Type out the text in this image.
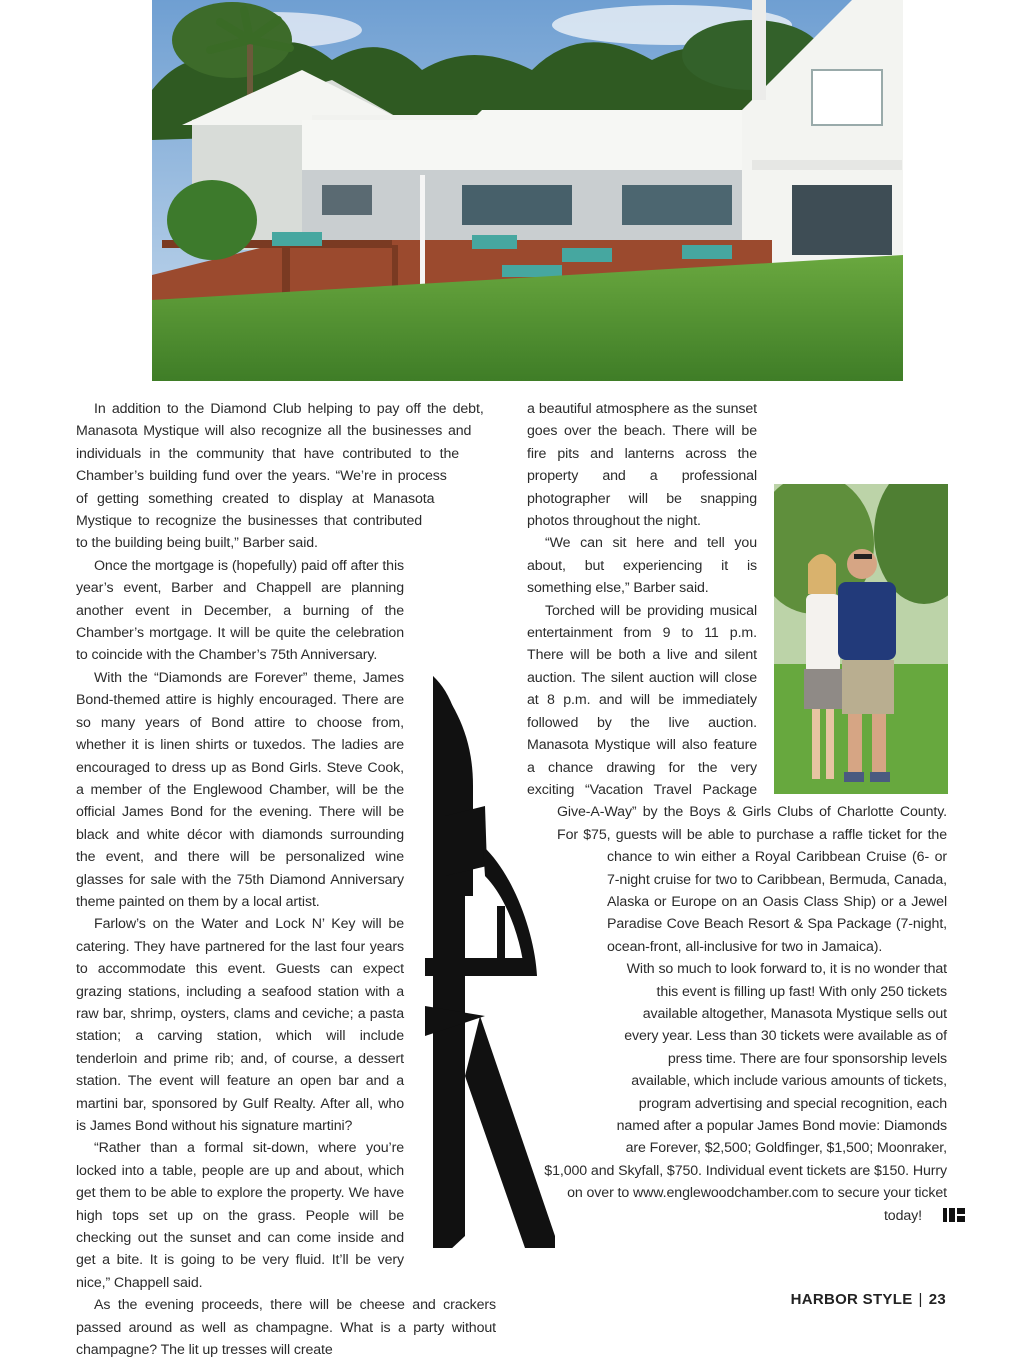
In addition to the Diamond Club helping to pay off the debt, Manasota Mystique will also recognize all the businesses and individuals in the community that have contributed to the Chamber’s building fund over the years. “We’re in process of getting something created to display at Manasota Mystique to recognize the businesses that contributed to the building being built,” Barber said.

Once the mortgage is (hopefully) paid off after this year’s event, Barber and Chappell are planning another event in December, a burning of the Chamber’s mortgage. It will be quite the celebration to coincide with the Chamber’s 75th Anniversary.

With the “Diamonds are Forever” theme, James Bond-themed attire is highly encouraged. There are so many years of Bond attire to choose from, whether it is linen shirts or tuxedos. The ladies are encouraged to dress up as Bond Girls. Steve Cook, a member of the Englewood Chamber, will be the official James Bond for the evening. There will be black and white décor with diamonds surrounding the event, and there will be personalized wine glasses for sale with the 75th Diamond Anniversary theme painted on them by a local artist.

Farlow’s on the Water and Lock N’ Key will be catering. They have partnered for the last four years to accommodate this event. Guests can expect grazing stations, including a seafood station with a raw bar, shrimp, oysters, clams and ceviche; a pasta station; a carving station, which will include tenderloin and prime rib; and, of course, a dessert station. The event will feature an open bar and a martini bar, sponsored by Gulf Realty. After all, who is James Bond without his signature martini?

“Rather than a formal sit-down, where you’re locked into a table, people are up and about, which get them to be able to explore the property. We have high tops set up on the grass. People will be checking out the sunset and can come inside and get a bite. It is going to be very fluid. It’ll be very nice,” Chappell said.

As the evening proceeds, there will be cheese and crackers passed around as well as champagne. What is a party without champagne? The lit up tresses will create

a beautiful atmosphere as the sunset goes over the beach. There will be fire pits and lanterns across the property and a professional photographer will be snapping photos throughout the night.

“We can sit here and tell you about, but experiencing it is something else,” Barber said.

Torched will be providing musical entertainment from 9 to 11 p.m. There will be both a live and silent auction. The silent auction will close at 8 p.m. and will be immediately followed by the live auction. Manasota Mystique will also feature a chance drawing for the very exciting “Vacation Travel Package Give-A-Way” by the Boys & Girls Clubs of Charlotte County. For $75, guests will be able to purchase a raffle ticket for the chance to win either a Royal Caribbean Cruise (6- or 7-night cruise for two to Caribbean, Bermuda, Canada, Alaska or Europe on an Oasis Class Ship) or a Jewel Paradise Cove Beach Resort & Spa Package (7-night, ocean-front, all-inclusive for two in Jamaica).

With so much to look forward to, it is no wonder that this event is filling up fast! With only 250 tickets available altogether, Manasota Mystique sells out every year. Less than 30 tickets were available as of press time. There are four sponsorship levels available, which include various amounts of tickets, program advertising and special recognition, each named after a popular James Bond movie: Diamonds are Forever, $2,500; Goldfinger, $1,500; Moonraker, $1,000 and Skyfall, $750. Individual event tickets are $150. Hurry on over to www.englewoodchamber.com to secure your ticket today!

HARBOR STYLE | 23
